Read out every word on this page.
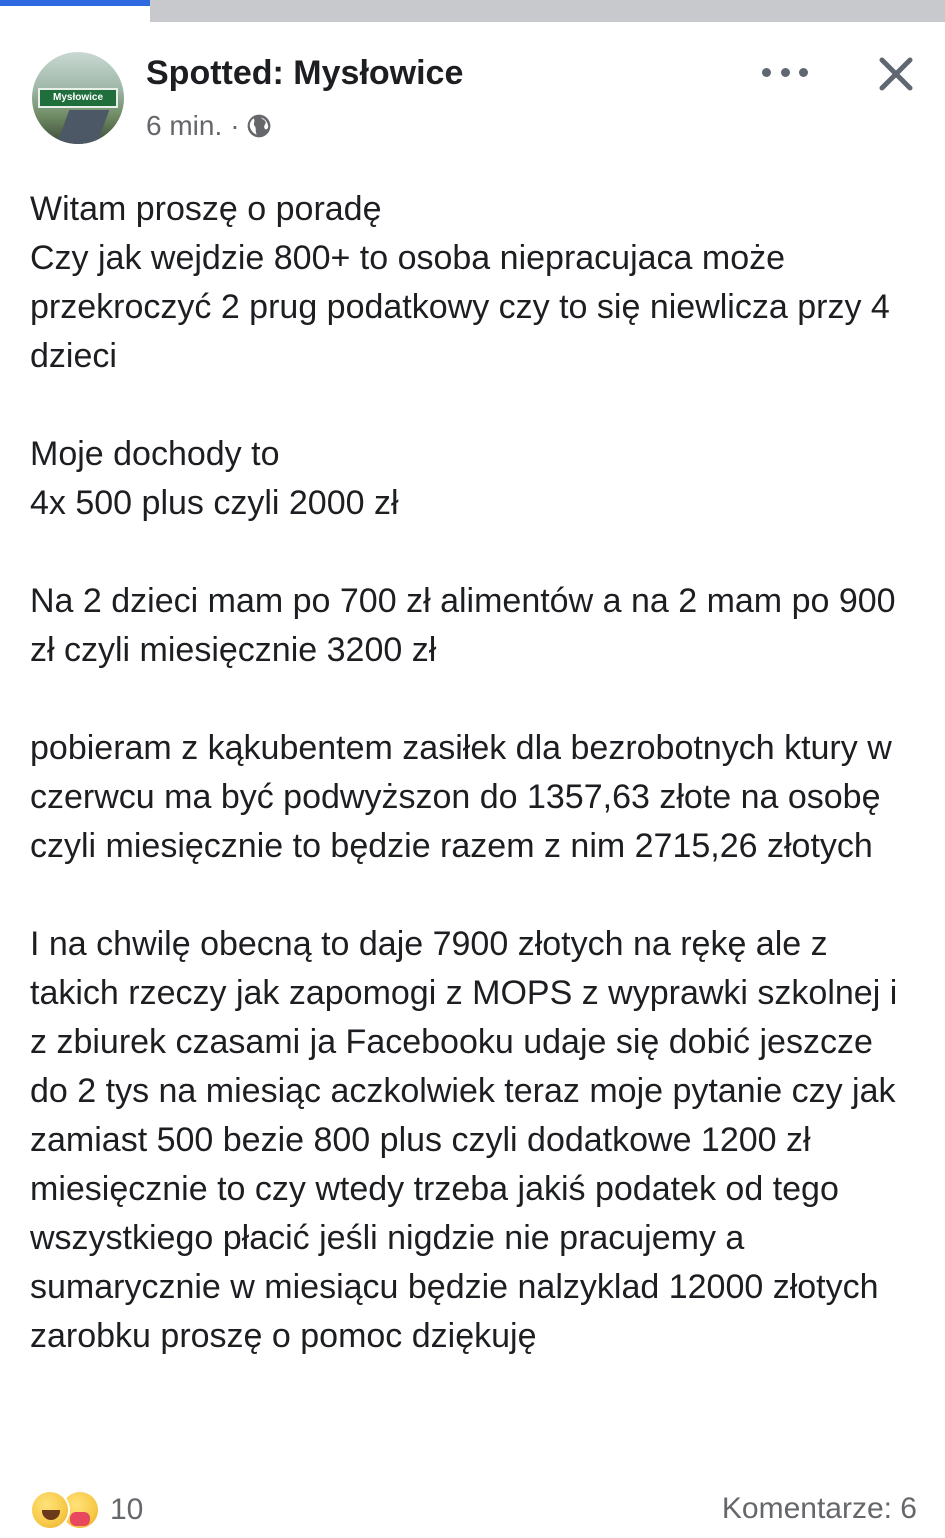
Mysłowice
Spotted: Mysłowice
6 min. ·

Witam proszę o poradę
Czy jak wejdzie 800+ to osoba niepracujaca może przekroczyć 2 prug podatkowy czy to się niewlicza przy 4 dzieci

Moje dochody to
4x 500 plus czyli 2000 zł

Na 2 dzieci mam po 700 zł alimentów a na 2 mam po 900 zł czyli miesięcznie 3200 zł

pobieram z kąkubentem zasiłek dla bezrobotnych ktury w czerwcu ma być podwyższon do 1357,63 złote na osobę czyli miesięcznie to będzie razem z nim 2715,26 złotych

I na chwilę obecną to daje 7900 złotych na rękę ale z takich rzeczy jak zapomogi z MOPS z wyprawki szkolnej i z zbiurek czasami ja Facebooku udaje się dobić jeszcze do 2 tys na miesiąc aczkolwiek teraz moje pytanie czy jak zamiast 500 bezie 800 plus czyli dodatkowe 1200 zł miesięcznie to czy wtedy trzeba jakiś podatek od tego wszystkiego płacić jeśli nigdzie nie pracujemy a sumarycznie w miesiącu będzie nalzyklad 12000 złotych zarobku proszę o pomoc dziękuję

10	Komentarze: 6
